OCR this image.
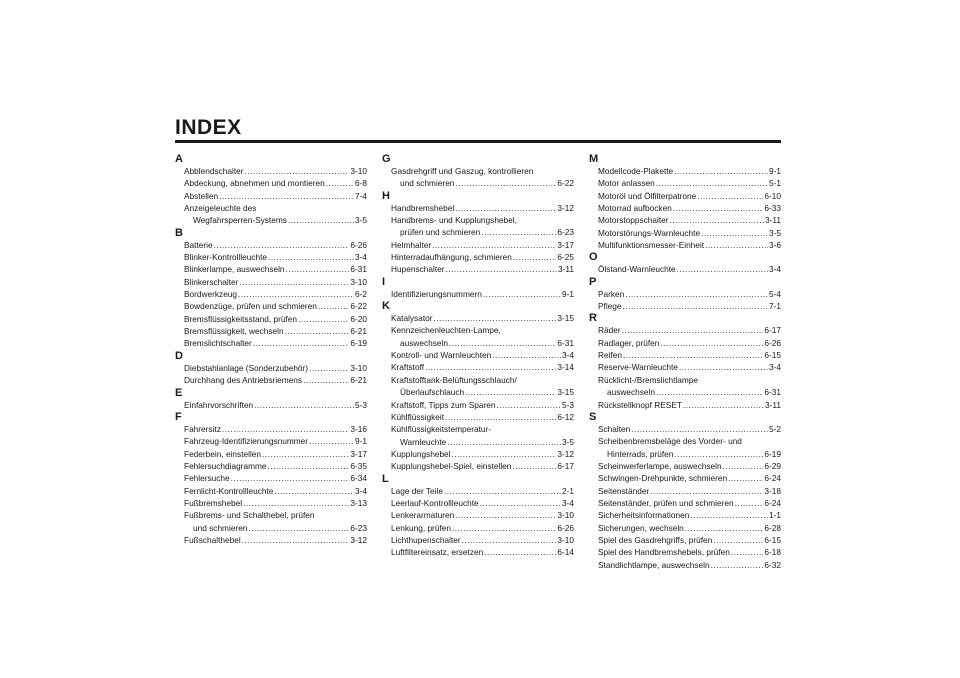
INDEX
A
Abblendschalter .....	3-10
Abdeckung, abnehmen und montieren .....	6-8
Abstellen .....	7-4
Anzeigeleuchte des
Wegfahrsperren-Systems .....	3-5
B
Batterie .....	6-26
Blinker-Kontrollleuchte .....	3-4
Blinkerlampe, auswechseln .....	6-31
Blinkerschalter .....	3-10
Bordwerkzeug .....	6-2
Bowdenzüge, prüfen und schmieren .....	6-22
Bremsflüssigkeitsstand, prüfen .....	6-20
Bremsflüssigkeit, wechseln .....	6-21
Bremslichtschalter .....	6-19
D
Diebstahlanlage (Sonderzubehör) .....	3-10
Durchhang des Antriebsriemens .....	6-21
E
Einfahrvorschriften .....	5-3
F
Fahrersitz .....	3-16
Fahrzeug-Identifizierungsnummer .....	9-1
Federbein, einstellen .....	3-17
Fehlersuchdiagramme .....	6-35
Fehlersuche .....	6-34
Fernlicht-Kontrollleuchte .....	3-4
Fußbremshebel .....	3-13
Fußbrems- und Schalthebel, prüfen
und schmieren .....	6-23
Fußschalthebel .....	3-12
G
Gasdrehgriff und Gaszug, kontrollieren
und schmieren .....	6-22
H
Handbremshebel .....	3-12
Handbrems- und Kupplungshebel,
prüfen und schmieren .....	6-23
Helmhalter .....	3-17
Hinterradaufhängung, schmieren .....	6-25
Hupenschalter .....	3-11
I
Identifizierungsnummern .....	9-1
K
Katalysator .....	3-15
Kennzeichenleuchten-Lampe,
auswechseln .....	6-31
Kontroll- und Warnleuchten .....	3-4
Kraftstoff .....	3-14
Kraftstofftank-Belüftungsschlauch/
Überlaufschlauch .....	3-15
Kraftstoff, Tipps zum Sparen .....	5-3
Kühlflüssigkeit .....	6-12
Kühlflüssigkeitstemperatur-
Warnleuchte .....	3-5
Kupplungshebel .....	3-12
Kupplungshebel-Spiel, einstellen .....	6-17
L
Lage der Teile .....	2-1
Leerlauf-Kontrollleuchte .....	3-4
Lenkerarmaturen .....	3-10
Lenkung, prüfen .....	6-26
Lichthupenschalter .....	3-10
Luftfiltereinsatz, ersetzen .....	6-14
M
Modellcode-Plakette .....	9-1
Motor anlassen .....	5-1
Motoröl und Ölfilterpatrone .....	6-10
Motorrad aufbocken .....	6-33
Motorstoppschalter .....	3-11
Motorstörungs-Warnleuchte .....	3-5
Multifunktionsmesser-Einheit .....	3-6
O
Ölstand-Warnleuchte .....	3-4
P
Parken .....	5-4
Pflege .....	7-1
R
Räder .....	6-17
Radlager, prüfen .....	6-26
Reifen .....	6-15
Reserve-Warnleuchte .....	3-4
Rücklicht-/Bremslichtlampe
auswechseln .....	6-31
Rückstellknopf RESET .....	3-11
S
Schalten .....	5-2
Scheibenbremsbeläge des Vorder- und
Hinterrads, prüfen .....	6-19
Scheinwerferlampe, auswechseln .....	6-29
Schwingen-Drehpunkte, schmieren .....	6-24
Seitenständer .....	3-18
Seitenständer, prüfen und schmieren .....	6-24
Sicherheitsinformationen .....	1-1
Sicherungen, wechseln .....	6-28
Spiel des Gasdrehgriffs, prüfen .....	6-15
Spiel des Handbremshebels, prüfen .....	6-18
Standlichtlampe, auswechseln .....	6-32
